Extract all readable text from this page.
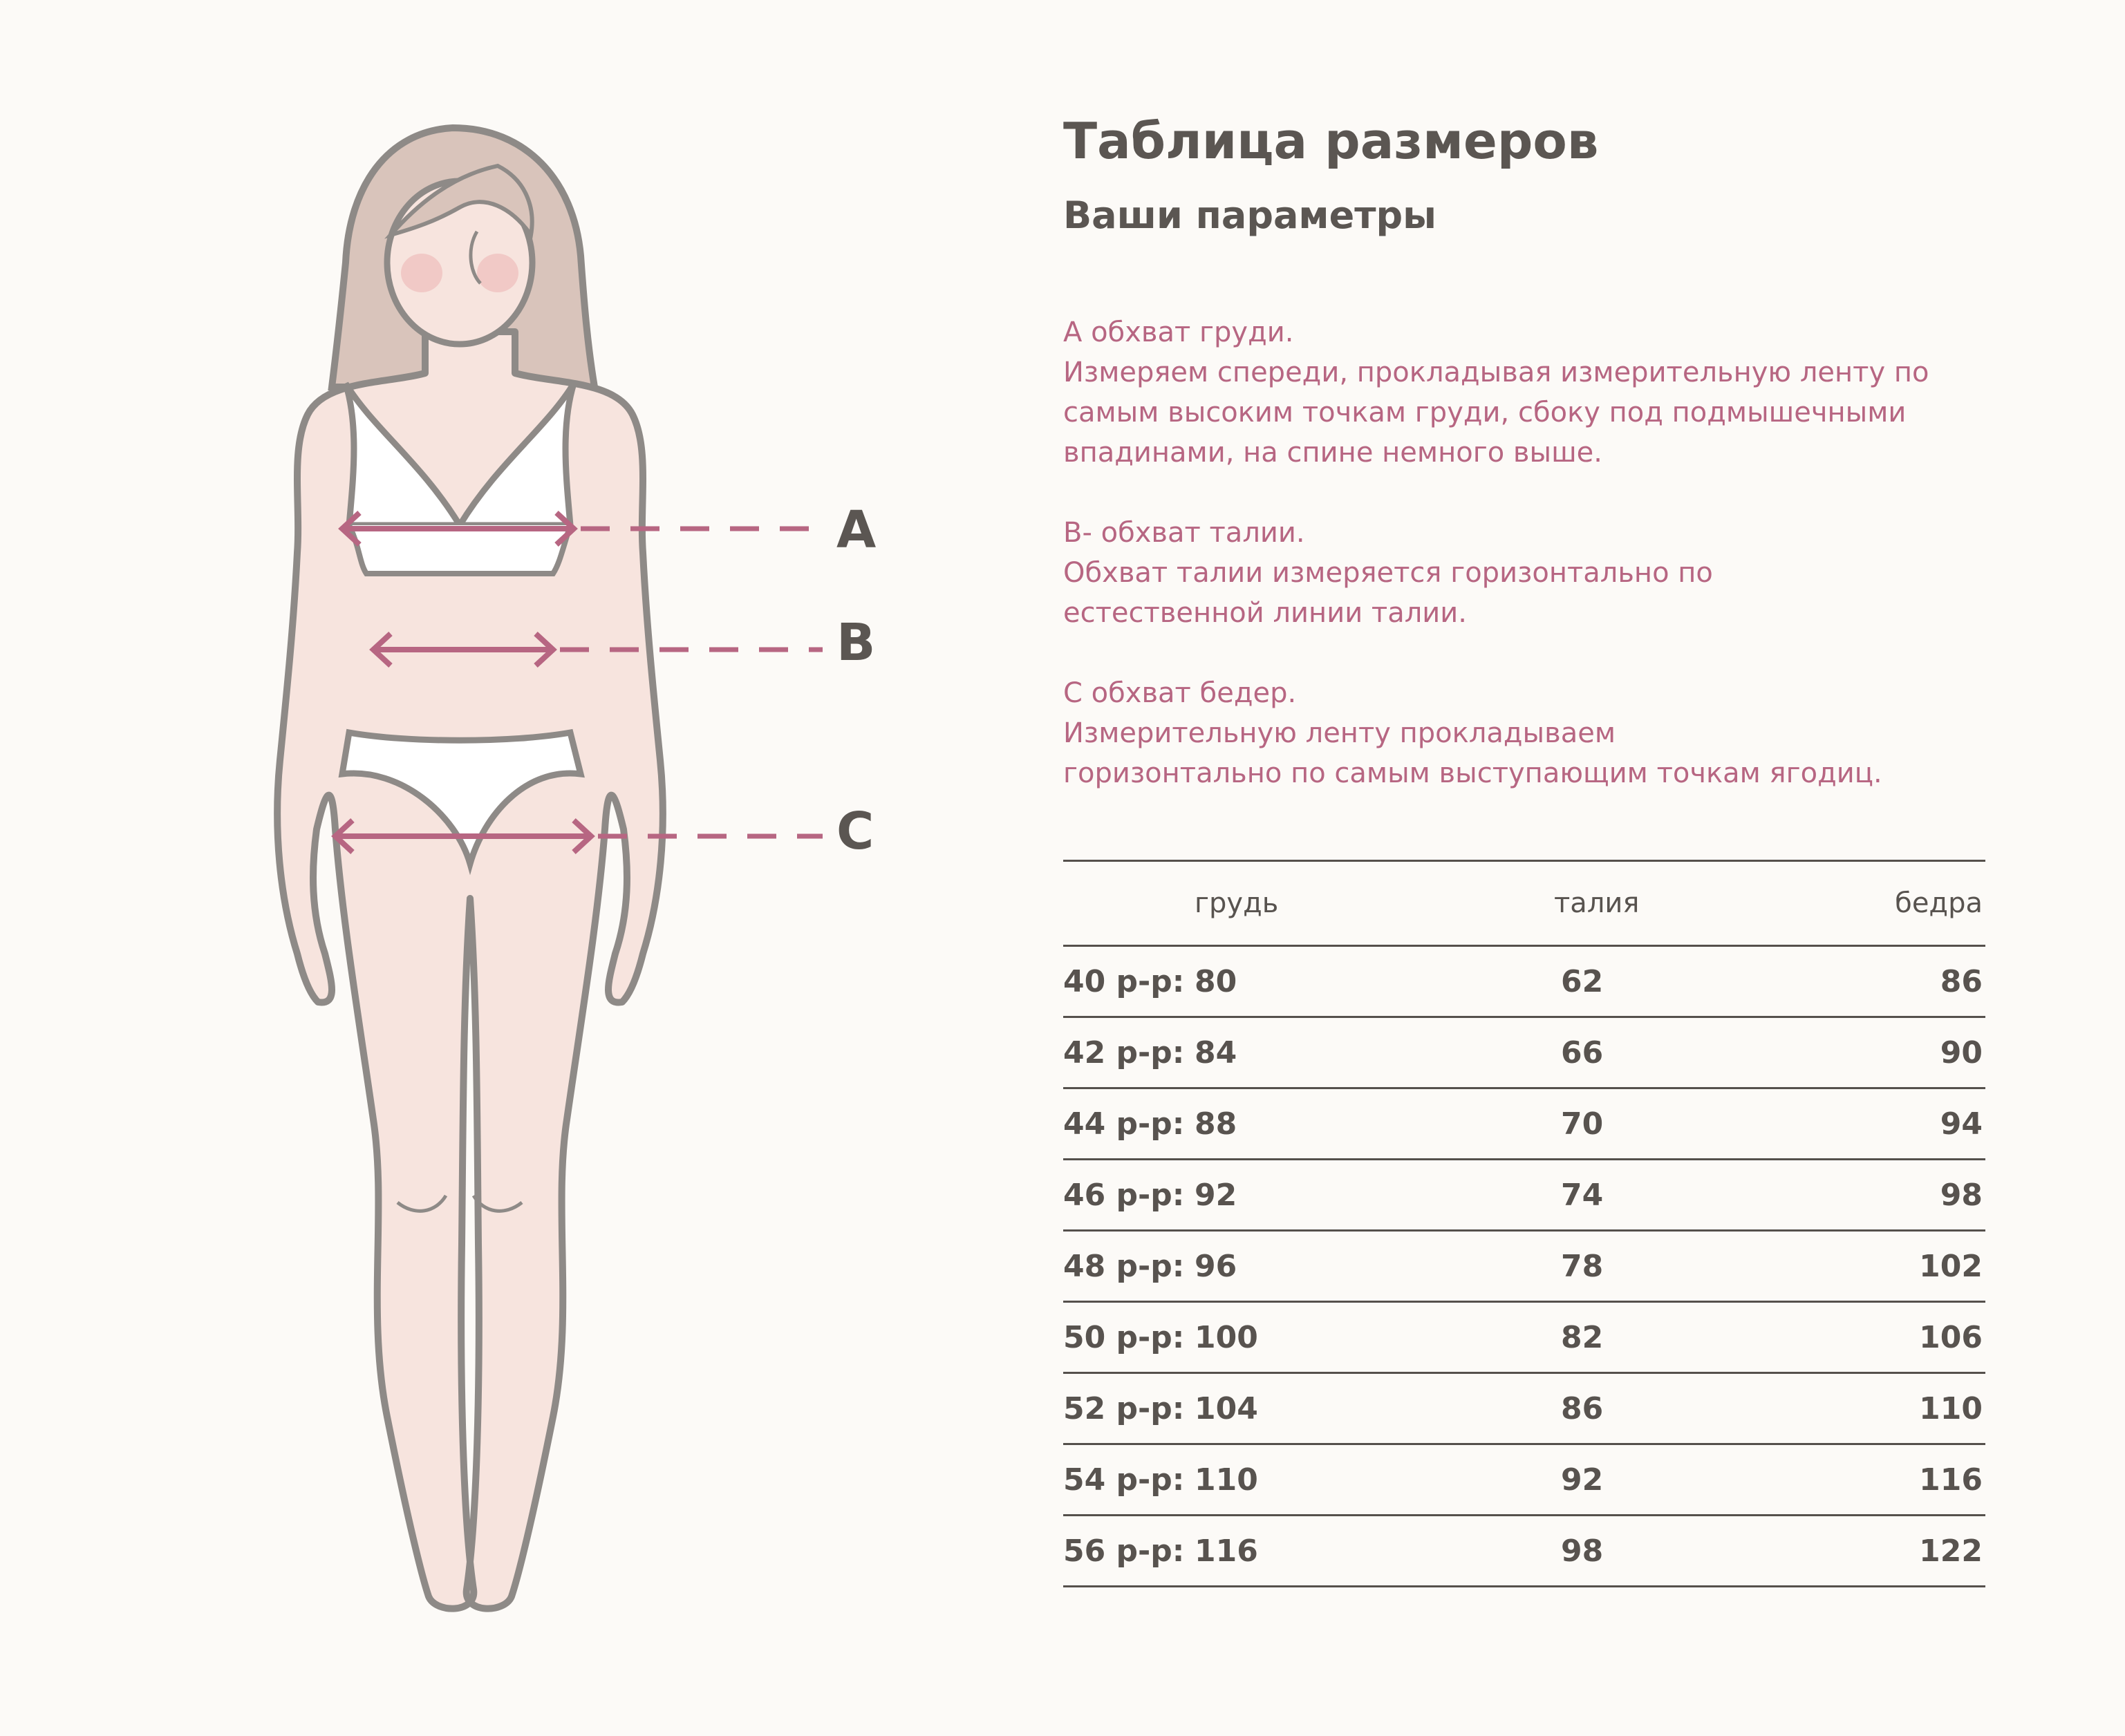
A
B
C
Таблица размеров
Ваши параметры

А обхват груди.

Измеряем спереди, прокладывая измерительную ленту по

самым высоким точкам груди, сбоку под подмышечными

впадинами, на спине немного выше.

В- обхват талии.

Обхват талии измеряется горизонтально по

естественной линии талии.

С обхват бедер.

Измерительную ленту прокладываем

горизонтально по самым выступающим точкам ягодиц.

грудь	талия	бедра
40 р-р: 80	62	86
42 р-р: 84	66	90
44 р-р: 88	70	94
46 р-р: 92	74	98
48 р-р: 96	78	102
50 р-р: 100	82	106
52 р-р: 104	86	110
54 р-р: 110	92	116
56 р-р: 116	98	122
